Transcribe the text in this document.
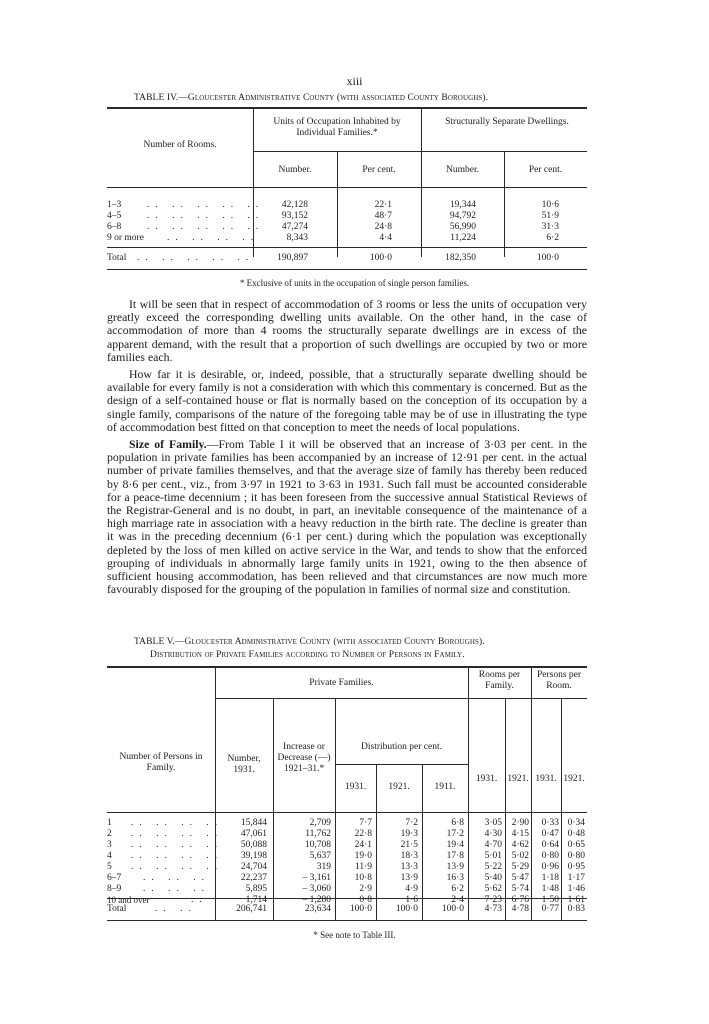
xiii
TABLE IV.—Gloucester Administrative County (with associated County Boroughs).
Number of Rooms.
Units of Occupation Inhabited by Individual Families.*
Structurally Separate Dwellings.
Number.	Per cent.	Number.	Per cent.
1–3	.. .. .. .. ..	42,128	22·1	19,344	10·6
4–5	.. .. .. .. ..	93,152	48·7	94,792	51·9
6–8	.. .. .. .. ..	47,274	24·8	56,990	31·3
9 or more .. .. .. ..	8,343	4·4	11,224	6·2
Total .. .. .. .. ..	190,897	100·0	182,350	100·0
* Exclusive of units in the occupation of single person families.

It will be seen that in respect of accommodation of 3 rooms or less the units of occupation very greatly exceed the corresponding dwelling units available. On the other hand, in the case of accommodation of more than 4 rooms the structurally separate dwellings are in excess of the apparent demand, with the result that a proportion of such dwellings are occupied by two or more families each.

How far it is desirable, or, indeed, possible, that a structurally separate dwelling should be available for every family is not a consideration with which this commentary is concerned. But as the design of a self-contained house or flat is normally based on the conception of its occupation by a single family, comparisons of the nature of the foregoing table may be of use in illustrating the type of accommodation best fitted on that conception to meet the needs of local populations.

Size of Family.—From Table I it will be observed that an increase of 3·03 per cent. in the population in private families has been accompanied by an increase of 12·91 per cent. in the actual number of private families themselves, and that the average size of family has thereby been reduced by 8·6 per cent., viz., from 3·97 in 1921 to 3·63 in 1931. Such fall must be accounted considerable for a peace-time decennium ; it has been foreseen from the successive annual Statistical Reviews of the Registrar-General and is no doubt, in part, an inevitable consequence of the maintenance of a high marriage rate in association with a heavy reduction in the birth rate. The decline is greater than it was in the preceding decennium (6·1 per cent.) during which the population was exceptionally depleted by the loss of men killed on active service in the War, and tends to show that the enforced grouping of individuals in abnormally large family units in 1921, owing to the then absence of sufficient housing accommodation, has been relieved and that circumstances are now much more favourably disposed for the grouping of the population in families of normal size and constitution.

TABLE V.—Gloucester Administrative County (with associated County Boroughs).
Distribution of Private Families according to Number of Persons in Family.
Number of Persons in Family.
Private Families.
Rooms per Family.
Persons per Room.
Number, 1931.
Increase or Decrease (—) 1921–31.*
Distribution per cent.
1931.	1921.	1911.
1931.	1921. 1931. 1921.
1 .. .. .. ..	15,844	2,709	7·7	7·2	6·8	3·05	2·90	0·33 0·34
2 .. .. .. ..	47,061	11,762	22·8	19·3	17·2	4·30	4·15	0·47 0·48
3 .. .. .. ..	50,088	10,708	24·1	21·5	19·4	4·70	4·62	0·64 0·65
4 .. .. .. ..	39,198	5,637	19·0	18·3	17·8	5·01	5·02	0·80 0·80
5 .. .. .. ..	24,704	319	11·9	13·3	13·9	5·22	5·29	0·96 0·95
6–7 .. .. ..	22,237	– 3,161	10·8	13·9	16·3	5·40	5·47	1·18 1·17
8–9 .. .. ..	5,895	– 3,060	2·9	4·9	6·2	5·62	5·74	1·48 1·46
10 and over	..	1,714	– 1,280	0·8	1·6	2·4	7·23	6·76	1·50 1·61
Total	.. ..	206,741	23,634	100·0	100·0	100·0	4·73	4·78	0·77 0·83
* See note to Table III.
